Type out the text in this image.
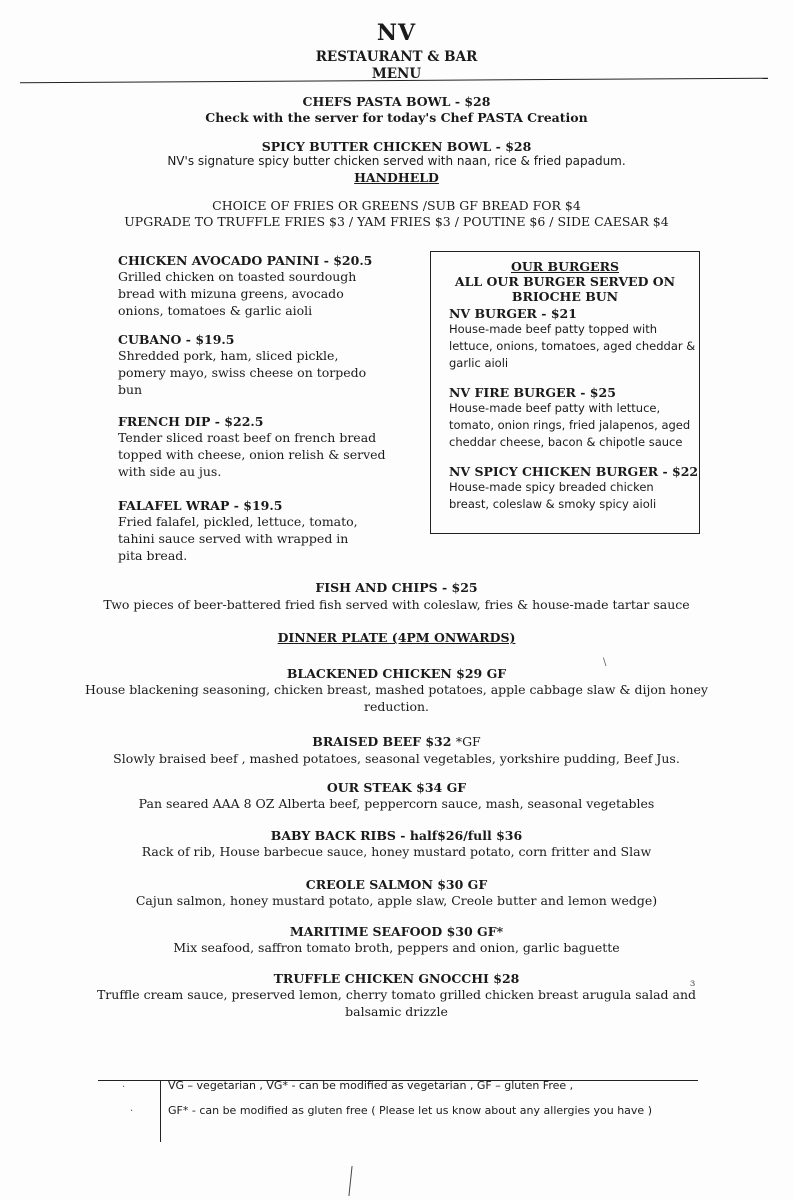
NV
RESTAURANT & BAR
MENU
CHEFS PASTA BOWL - $28
Check with the server for today's Chef PASTA Creation
SPICY BUTTER CHICKEN BOWL - $28
NV's signature spicy butter chicken served with naan, rice & fried papadum.
HANDHELD
CHOICE OF FRIES OR GREENS /SUB GF BREAD FOR $4
UPGRADE TO TRUFFLE FRIES $3 / YAM FRIES $3 / POUTINE $6 / SIDE CAESAR $4
CHICKEN AVOCADO PANINI - $20.5
Grilled chicken on toasted sourdough
bread with mizuna greens, avocado
onions, tomatoes & garlic aioli
CUBANO - $19.5
Shredded pork, ham, sliced pickle,
pomery mayo, swiss cheese on torpedo
bun
FRENCH DIP - $22.5
Tender sliced roast beef on french bread
topped with cheese, onion relish & served
with side au jus.
FALAFEL WRAP - $19.5
Fried falafel, pickled, lettuce, tomato,
tahini sauce served with wrapped in
pita bread.
OUR BURGERS
ALL OUR BURGER SERVED ON
BRIOCHE BUN
NV BURGER - $21
House-made beef patty topped with
lettuce, onions, tomatoes, aged cheddar &
garlic aioli
NV FIRE BURGER - $25
House-made beef patty with lettuce,
tomato, onion rings, fried jalapenos, aged
cheddar cheese, bacon & chipotle sauce
NV SPICY CHICKEN BURGER - $22
House-made spicy breaded chicken
breast, coleslaw & smoky spicy aioli
FISH AND CHIPS - $25
Two pieces of beer-battered fried fish served with coleslaw, fries & house-made tartar sauce
DINNER PLATE (4PM ONWARDS)
\
BLACKENED CHICKEN $29 GF
House blackening seasoning, chicken breast, mashed potatoes, apple cabbage slaw & dijon honey
reduction.
BRAISED BEEF $32 *GF
Slowly braised beef , mashed potatoes, seasonal vegetables, yorkshire pudding, Beef Jus.
OUR STEAK $34 GF
Pan seared AAA 8 OZ Alberta beef, peppercorn sauce, mash, seasonal vegetables
BABY BACK RIBS - half$26/full $36
Rack of rib, House barbecue sauce, honey mustard potato, corn fritter and Slaw
CREOLE SALMON $30 GF
Cajun salmon, honey mustard potato, apple slaw, Creole butter and lemon wedge)
MARITIME SEAFOOD $30 GF*
Mix seafood, saffron tomato broth, peppers and onion, garlic baguette
TRUFFLE CHICKEN GNOCCHI $28
Truffle cream sauce, preserved lemon, cherry tomato grilled chicken breast arugula salad and
balsamic drizzle
ɜ
·
·
VG – vegetarian , VG* - can be modified as vegetarian , GF – gluten Free ,
GF* - can be modified as gluten free ( Please let us know about any allergies you have )
